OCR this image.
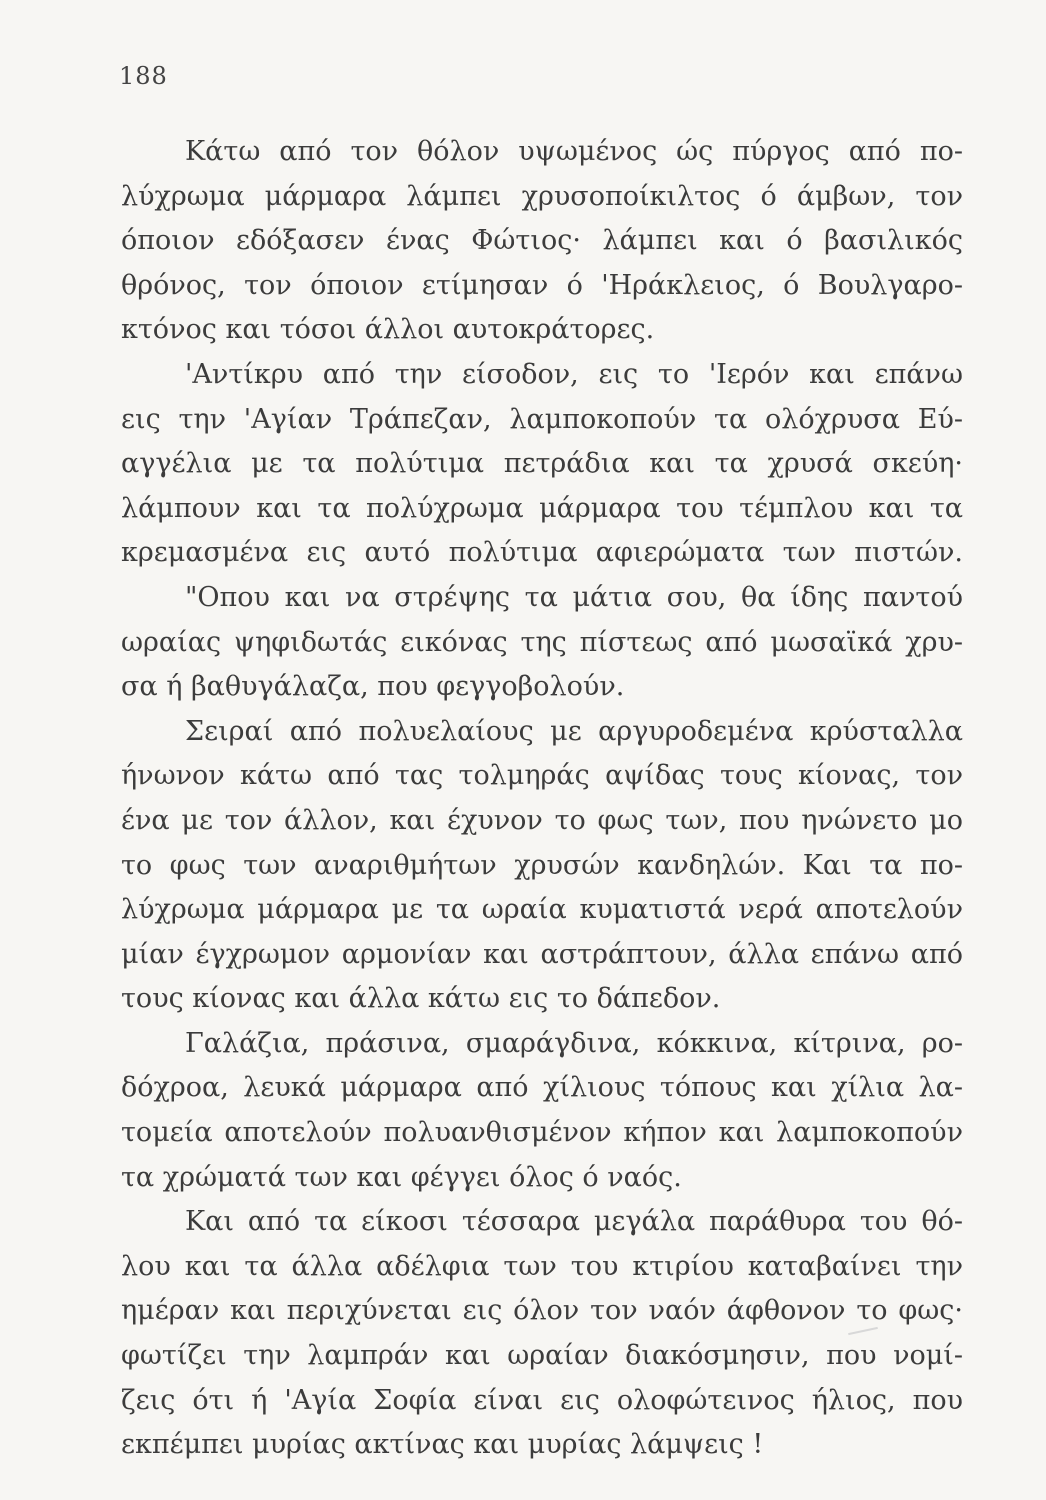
188
Κάτω από τον θόλον υψωμένος ώς πύργος από πο-
λύχρωμα μάρμαρα λάμπει χρυσοποίκιλτος ό άμβων, τον
όποιον εδόξασεν ένας Φώτιος· λάμπει και ό βασιλικός
θρόνος, τον όποιον ετίμησαν ό 'Ηράκλειος, ό Βουλγαρο-
κτόνος και τόσοι άλλοι αυτοκράτορες.
'Αντίκρυ από την είσοδον, εις το 'Ιερόν και επάνω
εις την 'Αγίαν Τράπεζαν, λαμποκοπούν τα ολόχρυσα Εύ-
αγγέλια με τα πολύτιμα πετράδια και τα χρυσά σκεύη·
λάμπουν και τα πολύχρωμα μάρμαρα του τέμπλου και τα
κρεμασμένα εις αυτό πολύτιμα αφιερώματα των πιστών.
"Οπου και να στρέψης τα μάτια σου, θα ίδης παντού
ωραίας ψηφιδωτάς εικόνας της πίστεως από μωσαϊκά χρυ-
σα ή βαθυγάλαζα, που φεγγοβολούν.
Σειραί από πολυελαίους με αργυροδεμένα κρύσταλλα
ήνωνον κάτω από τας τολμηράς αψίδας τους κίονας, τον
ένα με τον άλλον, και έχυνον το φως των, που ηνώνετο μο
το φως των αναριθμήτων χρυσών κανδηλών. Και τα πο-
λύχρωμα μάρμαρα με τα ωραία κυματιστά νερά αποτελούν
μίαν έγχρωμον αρμονίαν και αστράπτουν, άλλα επάνω από
τους κίονας και άλλα κάτω εις το δάπεδον.
Γαλάζια, πράσινα, σμαράγδινα, κόκκινα, κίτρινα, ρο-
δόχροα, λευκά μάρμαρα από χίλιους τόπους και χίλια λα-
τομεία αποτελούν πολυανθισμένον κήπον και λαμποκοπούν
τα χρώματά των και φέγγει όλος ό ναός.
Και από τα είκοσι τέσσαρα μεγάλα παράθυρα του θό-
λου και τα άλλα αδέλφια των του κτιρίου καταβαίνει την
ημέραν και περιχύνεται εις όλον τον ναόν άφθονον το φως·
φωτίζει την λαμπράν και ωραίαν διακόσμησιν, που νομί-
ζεις ότι ή 'Αγία Σοφία είναι εις ολοφώτεινος ήλιος, που
εκπέμπει μυρίας ακτίνας και μυρίας λάμψεις !
